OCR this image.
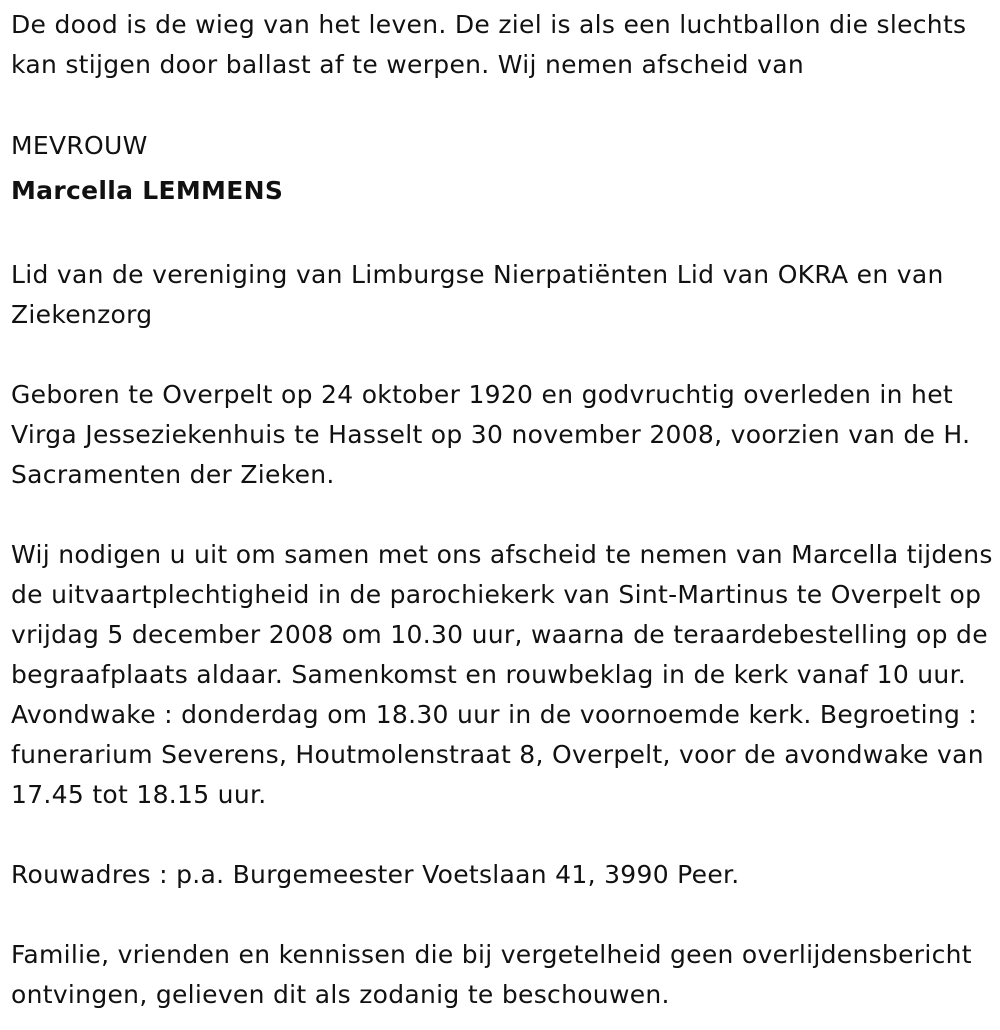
De dood is de wieg van het leven. De ziel is als een luchtballon die slechts kan stijgen door ballast af te werpen. Wij nemen afscheid van

MEVROUW

Marcella LEMMENS

Lid van de vereniging van Limburgse Nierpatiënten Lid van OKRA en van Ziekenzorg

Geboren te Overpelt op 24 oktober 1920 en godvruchtig overleden in het Virga Jesseziekenhuis te Hasselt op 30 november 2008, voorzien van de H. Sacramenten der Zieken.

Wij nodigen u uit om samen met ons afscheid te nemen van Marcella tijdens de uitvaartplechtigheid in de parochiekerk van Sint-Martinus te Overpelt op vrijdag 5 december 2008 om 10.30 uur, waarna de teraardebestelling op de begraafplaats aldaar. Samenkomst en rouwbeklag in de kerk vanaf 10 uur. Avondwake : donderdag om 18.30 uur in de voornoemde kerk. Begroeting : funerarium Severens, Houtmolenstraat 8, Overpelt, voor de avondwake van 17.45 tot 18.15 uur.

Rouwadres : p.a. Burgemeester Voetslaan 41, 3990 Peer.

Familie, vrienden en kennissen die bij vergetelheid geen overlijdensbericht ontvingen, gelieven dit als zodanig te beschouwen.
